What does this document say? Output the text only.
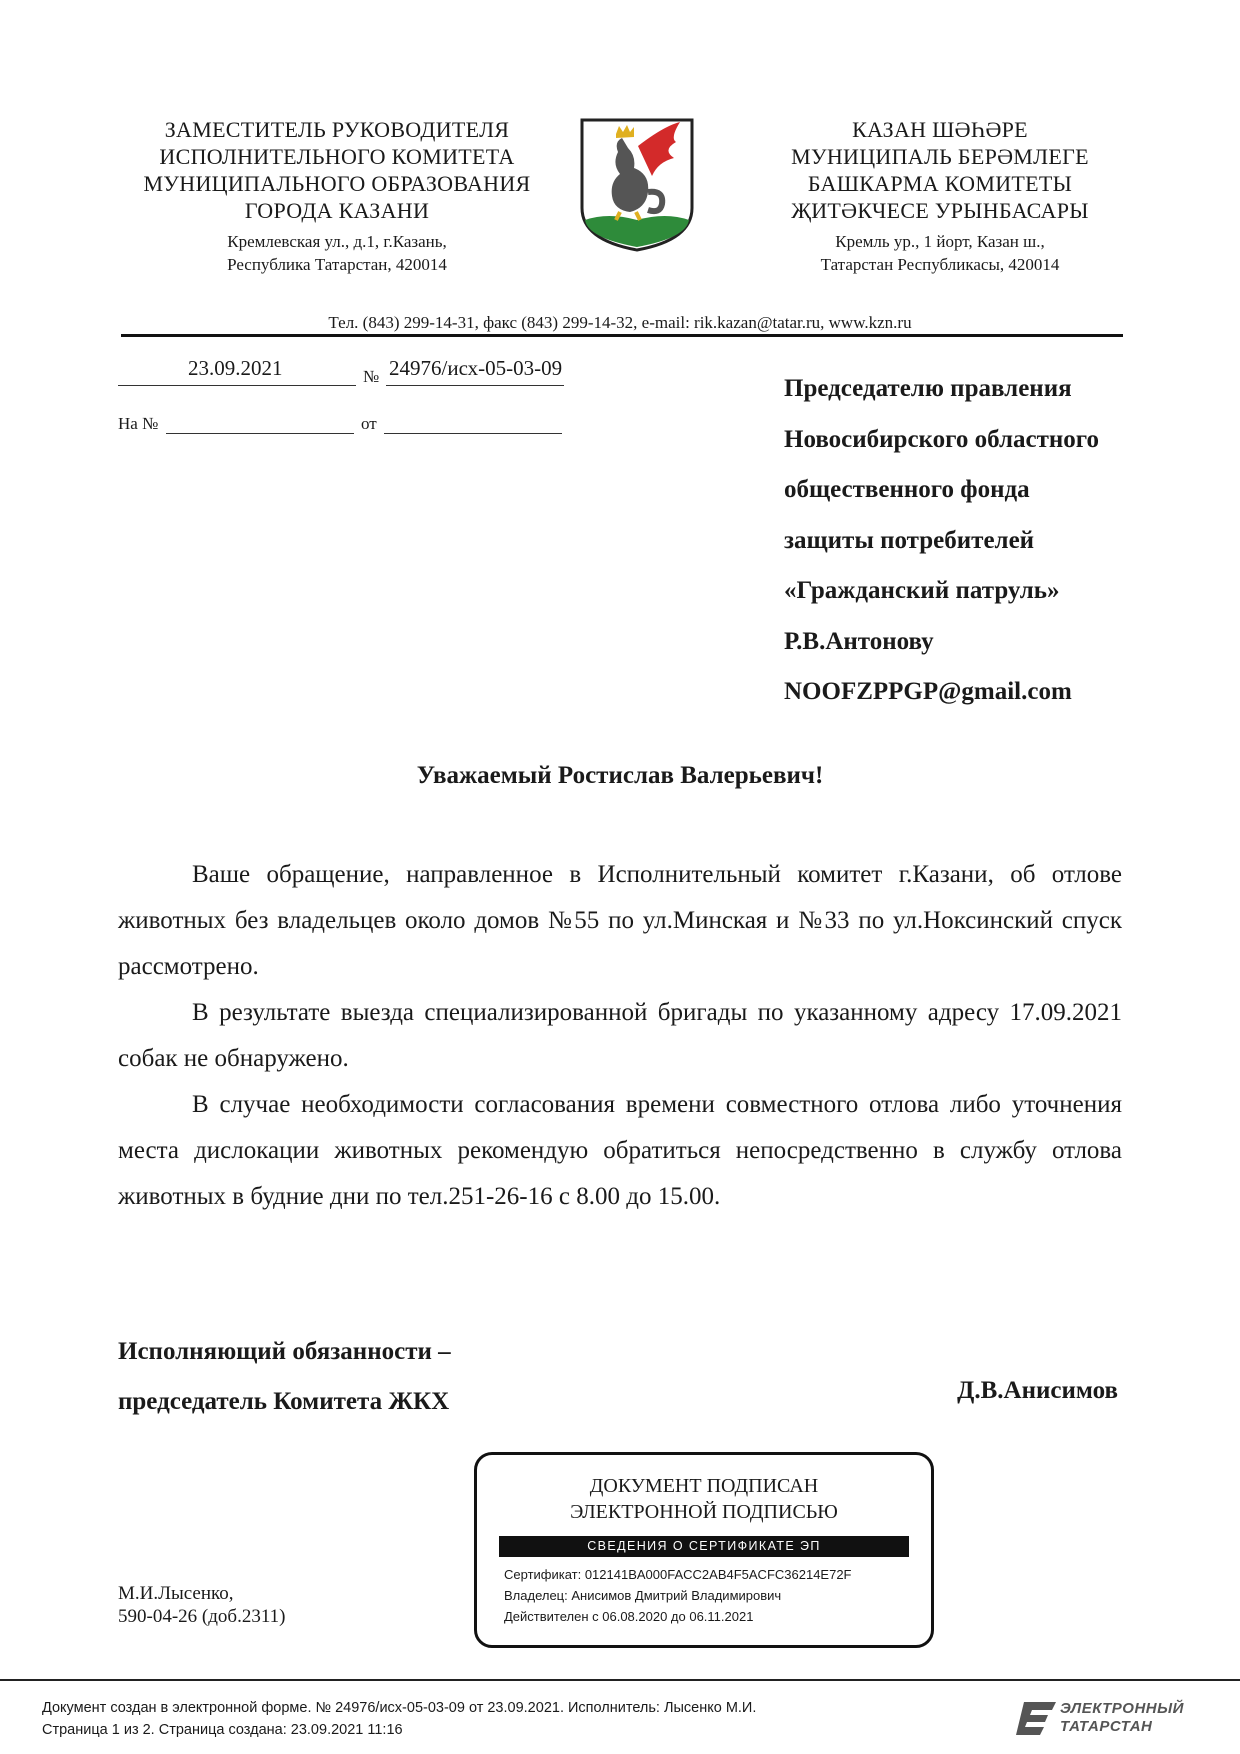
ЗАМЕСТИТЕЛЬ РУКОВОДИТЕЛЯ
ИСПОЛНИТЕЛЬНОГО КОМИТЕТА
МУНИЦИПАЛЬНОГО ОБРАЗОВАНИЯ
ГОРОДА КАЗАНИ
Кремлевская ул., д.1, г.Казань,
Республика Татарстан, 420014
КАЗАН ШӘҺӘРЕ
МУНИЦИПАЛЬ БЕРӘМЛЕГЕ
БАШКАРМА КОМИТЕТЫ
ҖИТӘКЧЕСЕ УРЫНБАСАРЫ
Кремль ур., 1 йорт, Казан ш.,
Татарстан Республикасы, 420014
Тел. (843) 299-14-31, факс (843) 299-14-32, e-mail: rik.kazan@tatar.ru, www.kzn.ru
23.09.2021	№ 24976/исх-05-03-09
На №	от
Председателю правления
Новосибирского областного
общественного фонда
защиты потребителей
«Гражданский патруль»
Р.В.Антонову
NOOFZPPGP@gmail.com
Уважаемый Ростислав Валерьевич!

Ваше обращение, направленное в Исполнительный комитет г.Казани, об отлове животных без владельцев около домов №55 по ул.Минская и №33 по ул.Ноксинский спуск рассмотрено.

В результате выезда специализированной бригады по указанному адресу 17.09.2021 собак не обнаружено.

В случае необходимости согласования времени совместного отлова либо уточнения места дислокации животных рекомендую обратиться непосредственно в службу отлова животных в будние дни по тел.251-26-16 с 8.00 до 15.00.

Исполняющий обязанности –
председатель Комитета ЖКХ	Д.В.Анисимов
ДОКУМЕНТ ПОДПИСАН
ЭЛЕКТРОННОЙ ПОДПИСЬЮ
СВЕДЕНИЯ О СЕРТИФИКАТЕ ЭП
Сертификат: 012141BA000FACC2AB4F5ACFC36214E72F
Владелец: Анисимов Дмитрий Владимирович
Действителен с 06.08.2020 до 06.11.2021
М.И.Лысенко,
590-04-26 (доб.2311)
Документ создан в электронной форме. № 24976/исх-05-03-09 от 23.09.2021. Исполнитель: Лысенко М.И.
Страница 1 из 2. Страница создана: 23.09.2021 11:16
ЭЛЕКТРОННЫЙ
ТАТАРСТАН
